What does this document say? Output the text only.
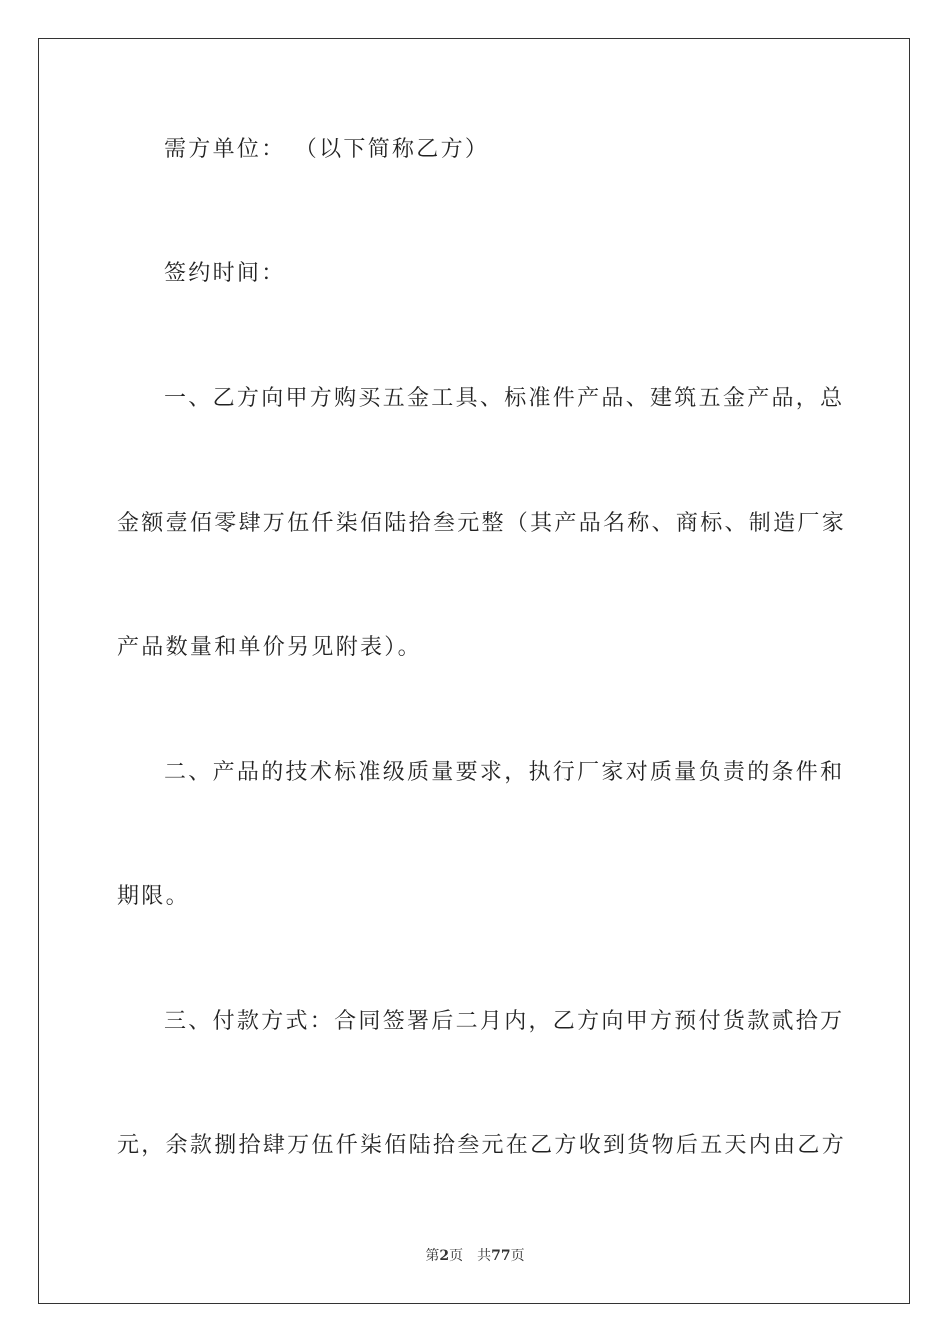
需方单位： （以下简称乙方）
签约时间：
一、乙方向甲方购买五金工具、标准件产品、建筑五金产品，总
金额壹佰零肆万伍仟柒佰陆拾叁元整（其产品名称、商标、制造厂家
产品数量和单价另见附表）。
二、产品的技术标准级质量要求，执行厂家对质量负责的条件和
期限。
三、付款方式：合同签署后二月内，乙方向甲方预付货款贰拾万
元，余款捌拾肆万伍仟柒佰陆拾叁元在乙方收到货物后五天内由乙方
第2页 共77页
